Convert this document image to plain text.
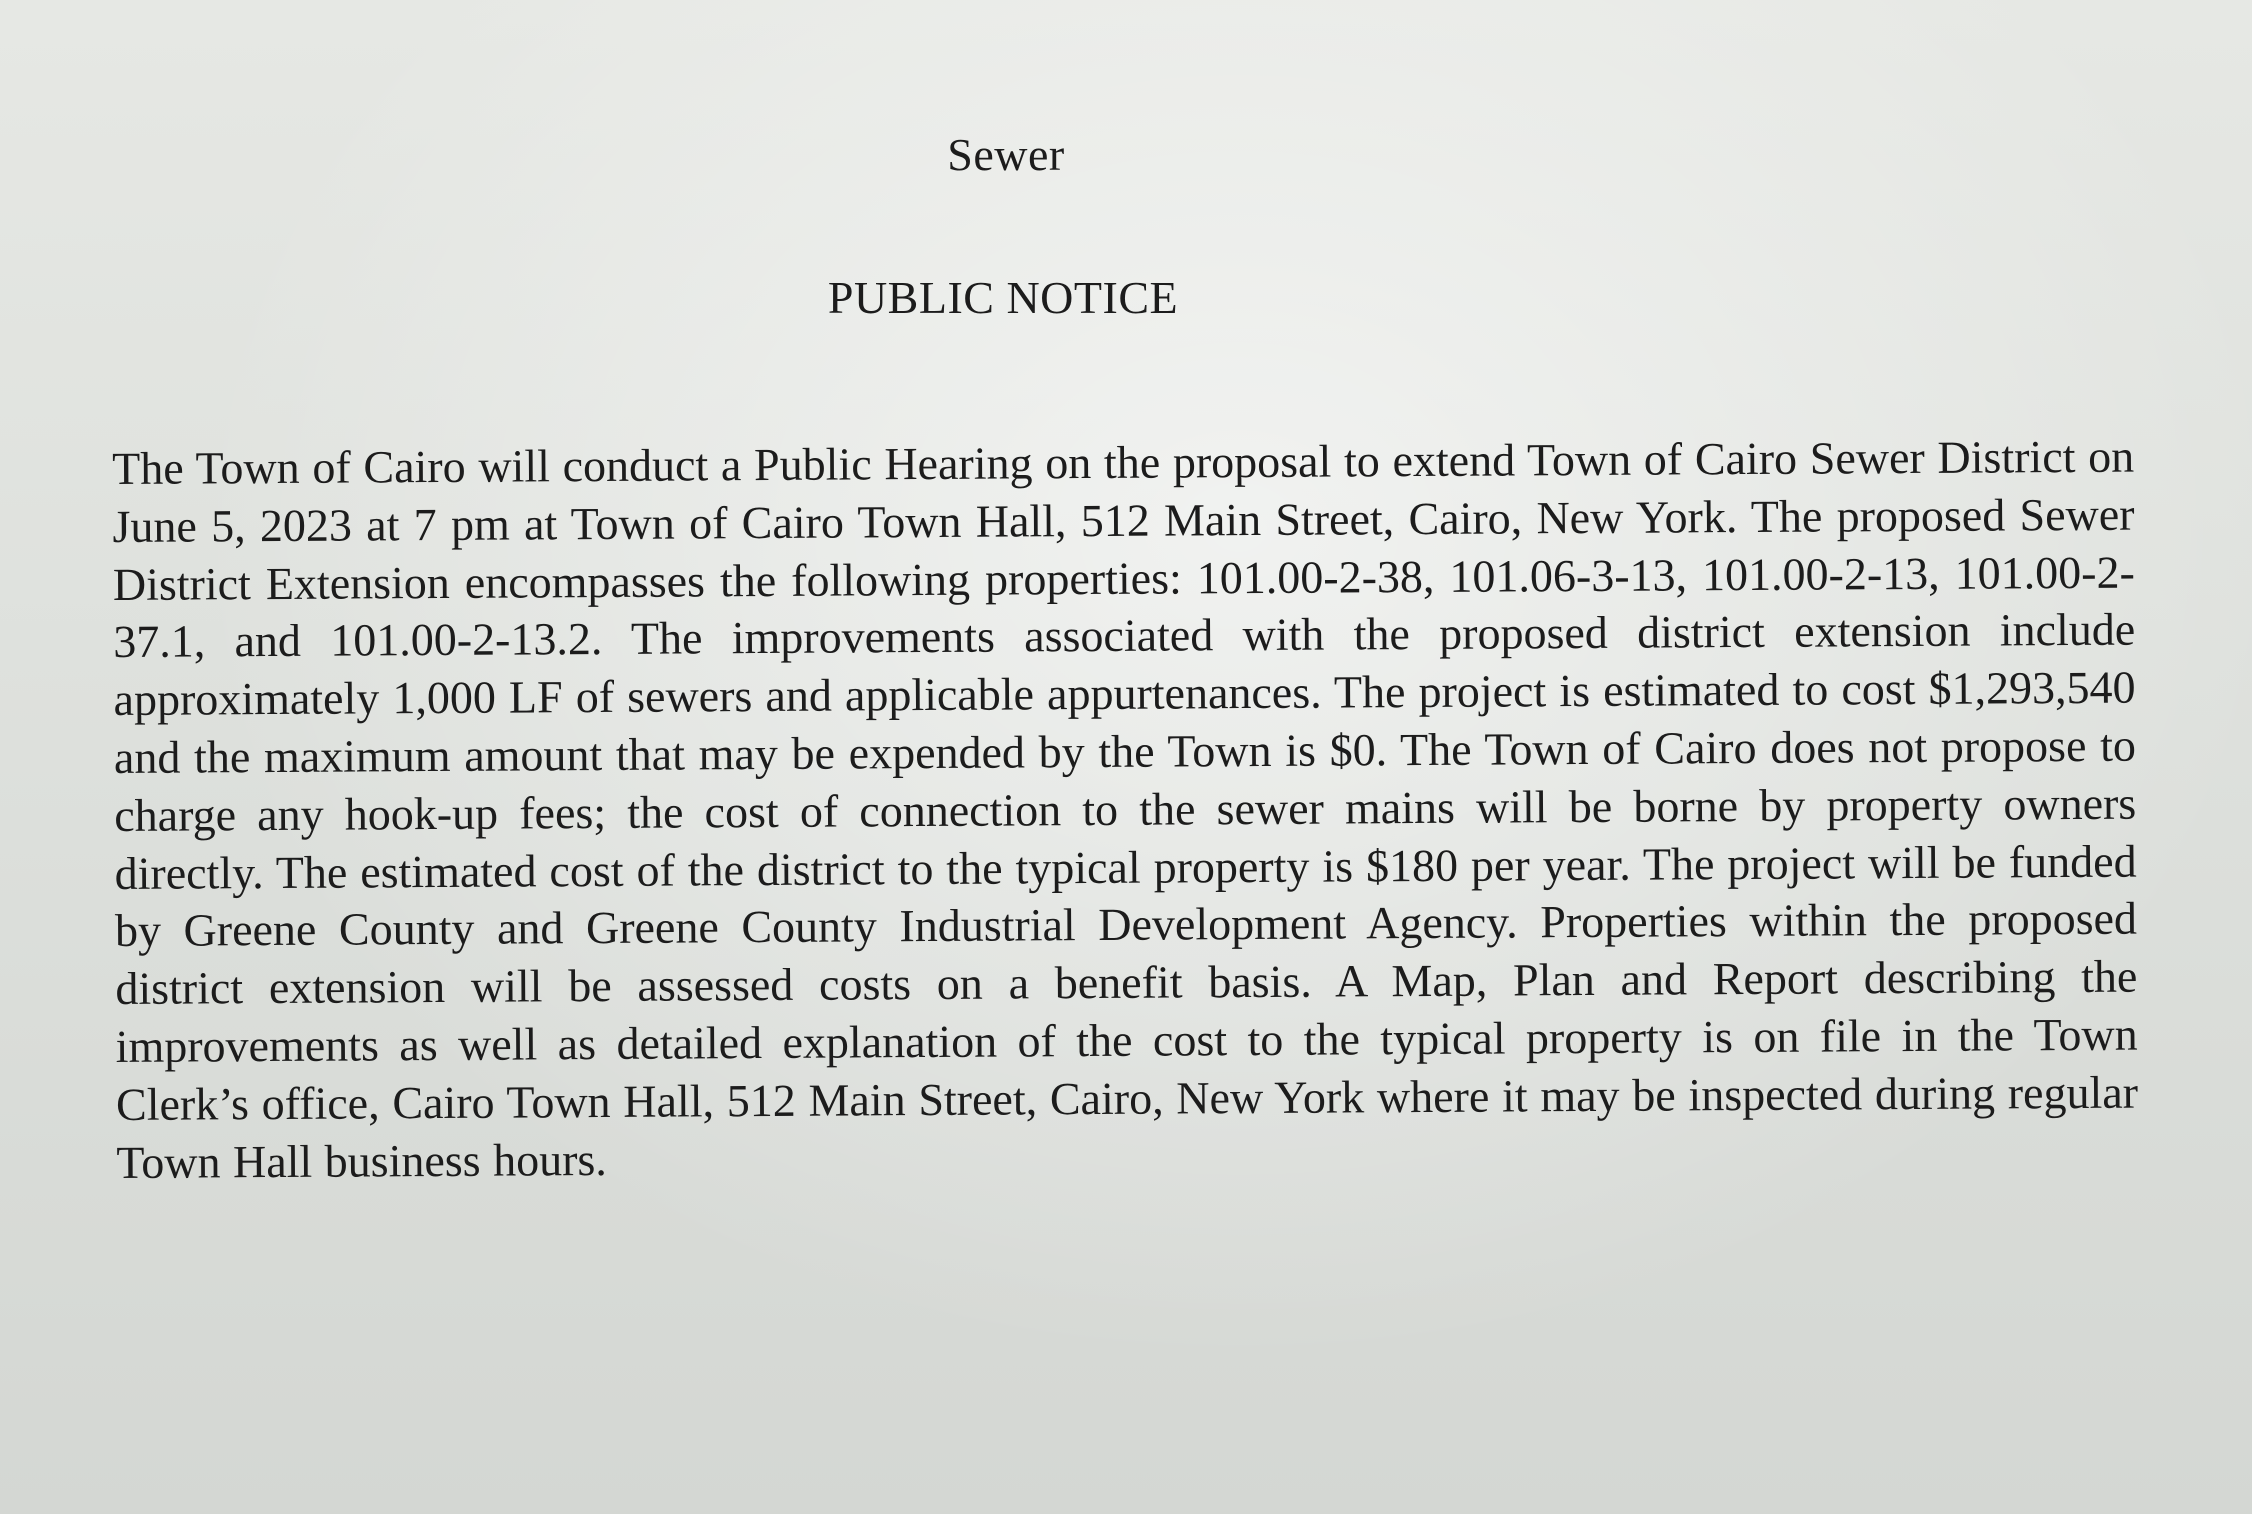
Sewer
PUBLIC NOTICE
The Town of Cairo will conduct a Public Hearing on the proposal to extend Town of Cairo Sewer District on June 5, 2023 at 7 pm at Town of Cairo Town Hall, 512 Main Street, Cairo, New York. The proposed Sewer District Extension encompasses the following properties: 101.00-2-38, 101.06-3-13, 101.00-2-13, 101.00-2-37.1, and 101.00-2-13.2. The improvements associated with the proposed district extension include approximately 1,000 LF of sewers and applicable appurtenances. The project is estimated to cost $1,293,540 and the maximum amount that may be expended by the Town is $0. The Town of Cairo does not propose to charge any hook-up fees; the cost of connection to the sewer mains will be borne by property owners directly. The estimated cost of the district to the typical property is $180 per year. The project will be funded by Greene County and Greene County Industrial Development Agency. Properties within the proposed district extension will be assessed costs on a benefit basis. A Map, Plan and Report describing the improvements as well as detailed explanation of the cost to the typical property is on file in the Town Clerk’s office, Cairo Town Hall, 512 Main Street, Cairo, New York where it may be inspected during regular Town Hall business hours.
